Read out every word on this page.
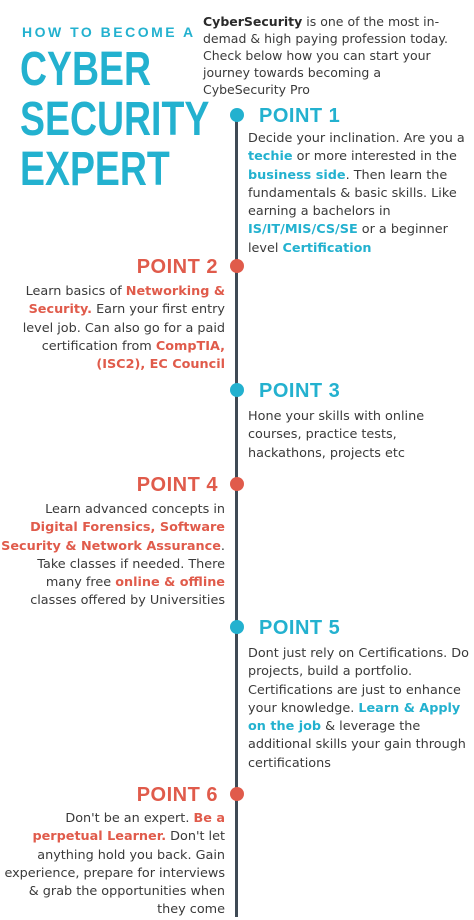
HOW TO BECOME A
CYBER
SECURITY
EXPERT
CyberSecurity is one of the most in-demad & high paying profession today. Check below how you can start your journey towards becoming a CybeSecurity Pro
POINT 1
Decide your inclination. Are you a techie or more interested in the business side. Then learn the fundamentals & basic skills. Like earning a bachelors in IS/IT/MIS/CS/SE or a beginner level Certification
POINT 2
Learn basics of Networking & Security. Earn your first entry level job. Can also go for a paid certification from CompTIA, (ISC2), EC Council
POINT 3
Hone your skills with online courses, practice tests, hackathons, projects etc
POINT 4
Learn advanced concepts in Digital Forensics, Software Security & Network Assurance. Take classes if needed. There many free online & offline classes offered by Universities
POINT 5
Dont just rely on Certifications. Do projects, build a portfolio. Certifications are just to enhance your knowledge. Learn & Apply on the job & leverage the additional skills your gain through certifications
POINT 6
Don't be an expert. Be a perpetual Learner. Don't let anything hold you back. Gain experience, prepare for interviews & grab the opportunities when they come
